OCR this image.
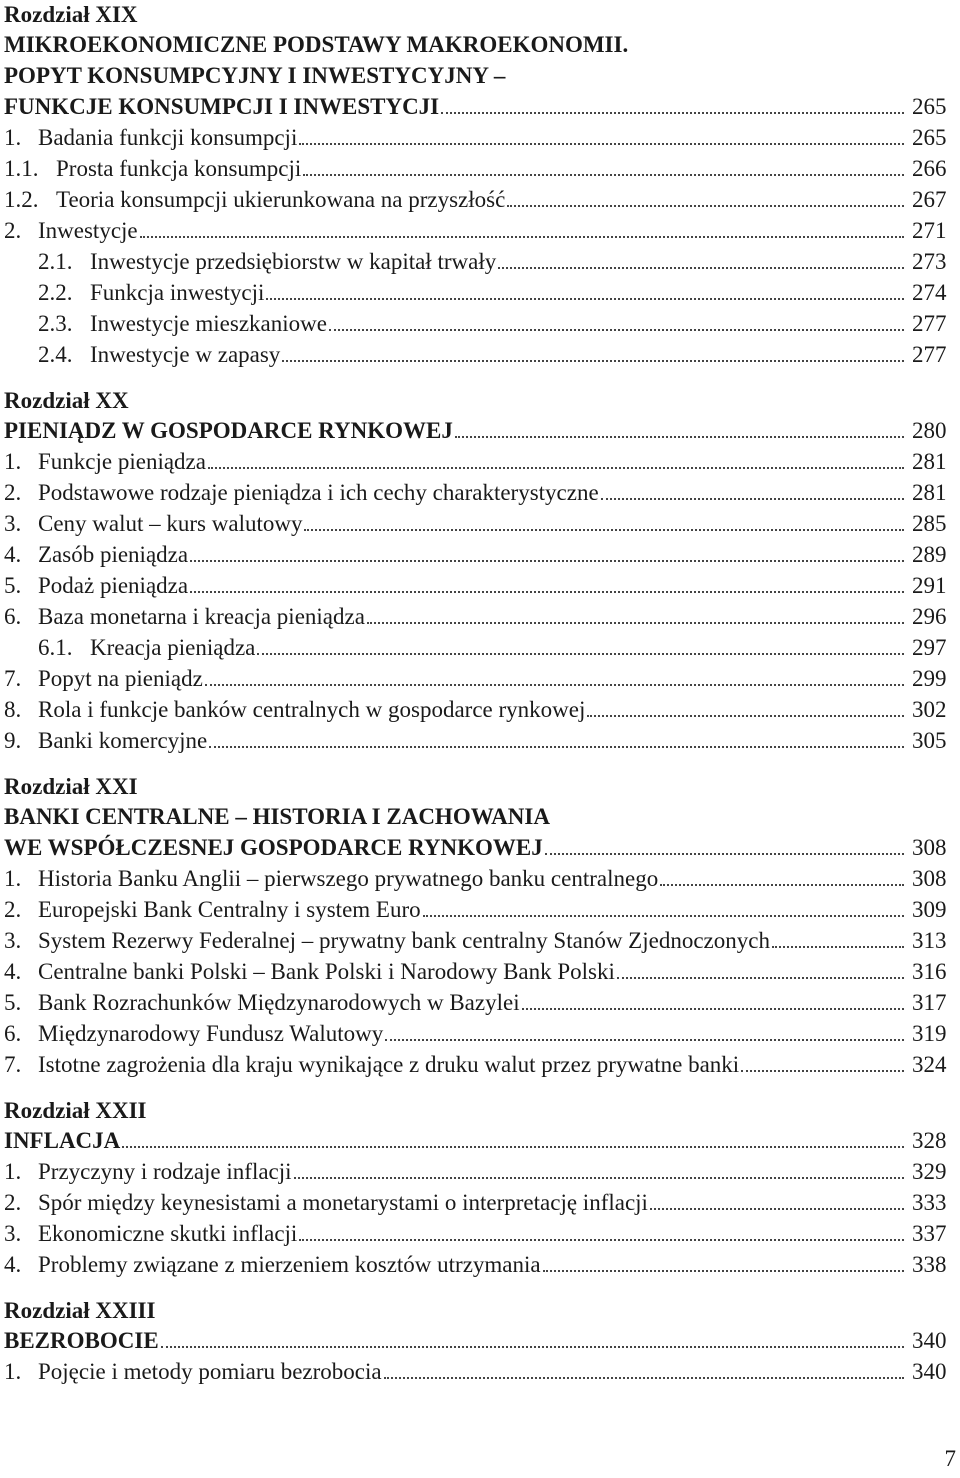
Rozdział XIX
MIKROEKONOMICZNE PODSTAWY MAKROEKONOMII.
POPYT KONSUMPCYJNY I INWESTYCYJNY –
FUNKCJE KONSUMPCJI I INWESTYCJI	265
1. Badania funkcji konsumpcji	265
1.1. Prosta funkcja konsumpcji	266
1.2. Teoria konsumpcji ukierunkowana na przyszłość	267
2. Inwestycje	271
2.1. Inwestycje przedsiębiorstw w kapitał trwały	273
2.2. Funkcja inwestycji	274
2.3. Inwestycje mieszkaniowe	277
2.4. Inwestycje w zapasy	277
Rozdział XX
PIENIĄDZ W GOSPODARCE RYNKOWEJ	280
1. Funkcje pieniądza	281
2. Podstawowe rodzaje pieniądza i ich cechy charakterystyczne	281
3. Ceny walut – kurs walutowy	285
4. Zasób pieniądza	289
5. Podaż pieniądza	291
6. Baza monetarna i kreacja pieniądza	296
6.1. Kreacja pieniądza	297
7. Popyt na pieniądz	299
8. Rola i funkcje banków centralnych w gospodarce rynkowej	302
9. Banki komercyjne	305
Rozdział XXI
BANKI CENTRALNE – HISTORIA I ZACHOWANIA
WE WSPÓŁCZESNEJ GOSPODARCE RYNKOWEJ	308
1. Historia Banku Anglii – pierwszego prywatnego banku centralnego	308
2. Europejski Bank Centralny i system Euro	309
3. System Rezerwy Federalnej – prywatny bank centralny Stanów Zjednoczonych	313
4. Centralne banki Polski – Bank Polski i Narodowy Bank Polski	316
5. Bank Rozrachunków Międzynarodowych w Bazylei	317
6. Międzynarodowy Fundusz Walutowy	319
7. Istotne zagrożenia dla kraju wynikające z druku walut przez prywatne banki	324
Rozdział XXII
INFLACJA	328
1. Przyczyny i rodzaje inflacji	329
2. Spór między keynesistami a monetarystami o interpretację inflacji	333
3. Ekonomiczne skutki inflacji	337
4. Problemy związane z mierzeniem kosztów utrzymania	338
Rozdział XXIII
BEZROBOCIE	340
1. Pojęcie i metody pomiaru bezrobocia	340
7
